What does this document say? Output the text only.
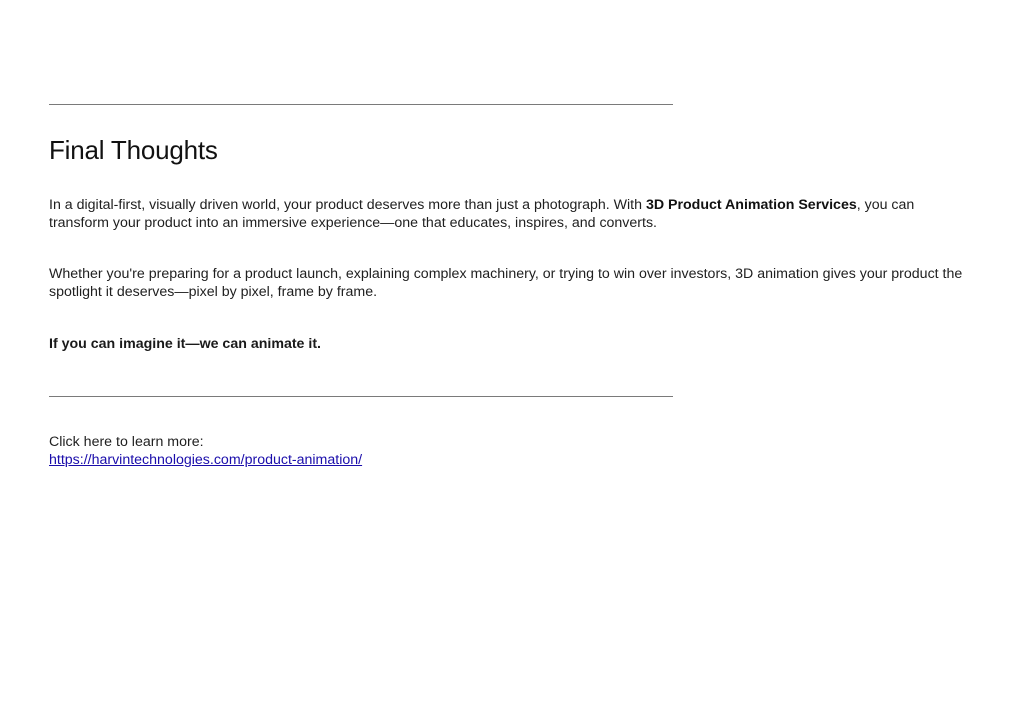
Final Thoughts

In a digital-first, visually driven world, your product deserves more than just a photograph. With 3D Product Animation Services, you can transform your product into an immersive experience—one that educates, inspires, and converts.

Whether you're preparing for a product launch, explaining complex machinery, or trying to win over investors, 3D animation gives your product the spotlight it deserves—pixel by pixel, frame by frame.

If you can imagine it—we can animate it.

Click here to learn more:
https://harvintechnologies.com/product-animation/
